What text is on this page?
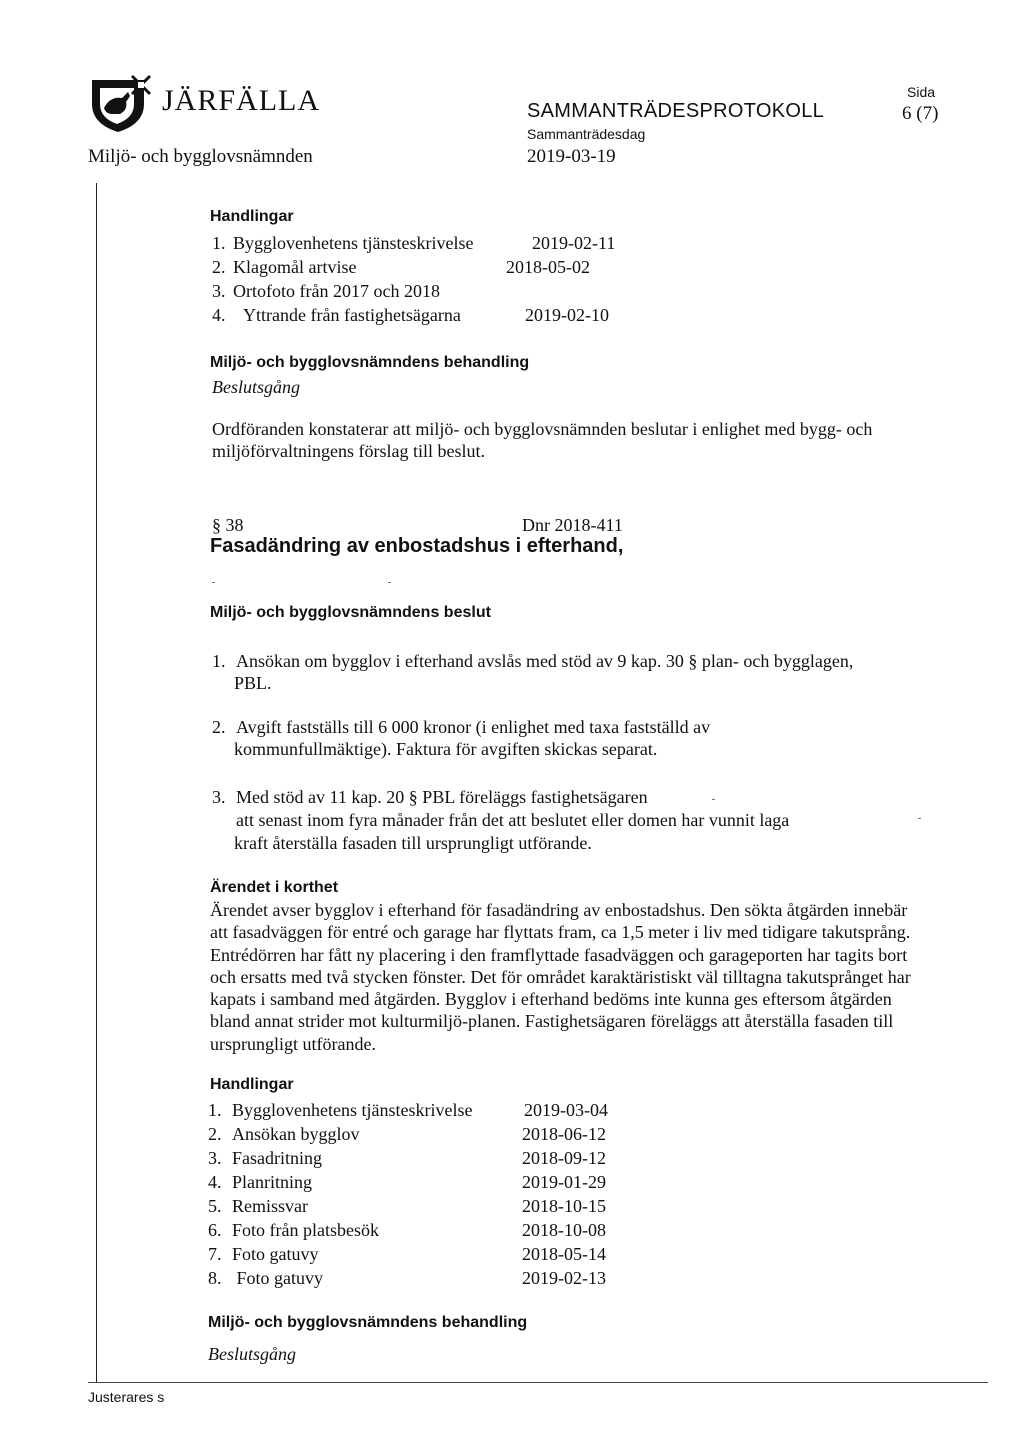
JÄRFÄLLA
Miljö- och bygglovsnämnden
SAMMANTRÄDESPROTOKOLL
Sammanträdesdag
2019-03-19
Sida
6 (7)
Handlingar
1. Bygglovenhetens tjänsteskrivelse	2019-02-11
2. Klagomål artvise	2018-05-02
3. Ortofoto från 2017 och 2018
4. Yttrande från fastighetsägarna	2019-02-10
Miljö- och bygglovsnämndens behandling
Beslutsgång
Ordföranden konstaterar att miljö- och bygglovsnämnden beslutar i enlighet med bygg- och miljöförvaltningens förslag till beslut.
§ 38	Dnr 2018-411
Fasadändring av enbostadshus i efterhand,
Miljö- och bygglovsnämndens beslut
1. Ansökan om bygglov i efterhand avslås med stöd av 9 kap. 30 § plan- och bygglagen,
PBL.
2. Avgift fastställs till 6 000 kronor (i enlighet med taxa fastställd av
kommunfullmäktige). Faktura för avgiften skickas separat.
3. Med stöd av 11 kap. 20 § PBL föreläggs fastighetsägaren
att senast inom fyra månader från det att beslutet eller domen har vunnit laga
kraft återställa fasaden till ursprungligt utförande.
Ärendet i korthet
Ärendet avser bygglov i efterhand för fasadändring av enbostadshus. Den sökta åtgärden innebär att fasadväggen för entré och garage har flyttats fram, ca 1,5 meter i liv med tidigare takutsprång. Entrédörren har fått ny placering i den framflyttade fasadväggen och garageporten har tagits bort och ersatts med två stycken fönster. Det för området karaktäristiskt väl tilltagna takutsprånget har kapats i samband med åtgärden. Bygglov i efterhand bedöms inte kunna ges eftersom åtgärden bland annat strider mot kulturmiljö-planen. Fastighetsägaren föreläggs att återställa fasaden till ursprungligt utförande.
Handlingar
1. Bygglovenhetens tjänsteskrivelse	2019-03-04
2. Ansökan bygglov	2018-06-12
3. Fasadritning	2018-09-12
4. Planritning	2019-01-29
5. Remissvar	2018-10-15
6. Foto från platsbesök	2018-10-08
7. Foto gatuvy	2018-05-14
8. Foto gatuvy	2019-02-13
Miljö- och bygglovsnämndens behandling
Beslutsgång
Justerares s
